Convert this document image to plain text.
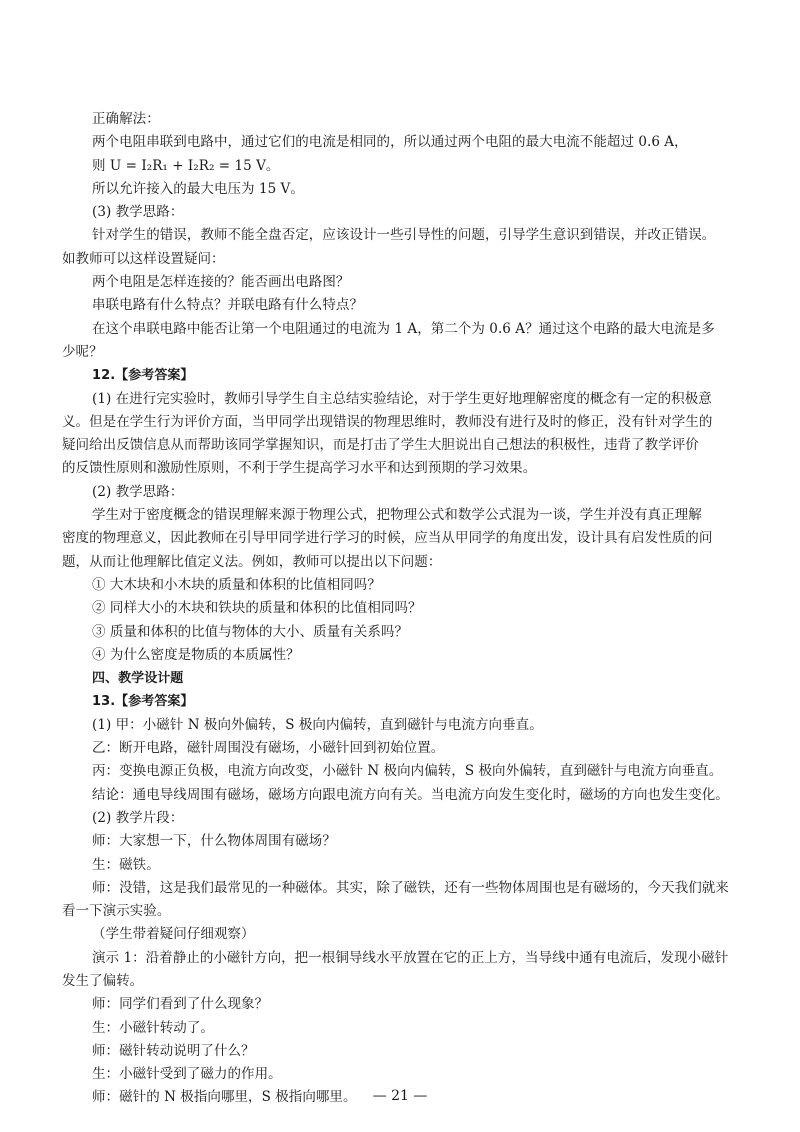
正确解法：
两个电阻串联到电路中，通过它们的电流是相同的，所以通过两个电阻的最大电流不能超过 0.6 A，
则 U = I₂R₁ + I₂R₂ = 15 V。
所以允许接入的最大电压为 15 V。
(3) 教学思路：
针对学生的错误，教师不能全盘否定，应该设计一些引导性的问题，引导学生意识到错误，并改正错误。
如教师可以这样设置疑问：
两个电阻是怎样连接的？能否画出电路图？
串联电路有什么特点？并联电路有什么特点？
在这个串联电路中能否让第一个电阻通过的电流为 1 A，第二个为 0.6 A？通过这个电路的最大电流是多
少呢？
12.【参考答案】
(1) 在进行完实验时，教师引导学生自主总结实验结论，对于学生更好地理解密度的概念有一定的积极意
义。但是在学生行为评价方面，当甲同学出现错误的物理思维时，教师没有进行及时的修正，没有针对学生的
疑问给出反馈信息从而帮助该同学掌握知识，而是打击了学生大胆说出自己想法的积极性，违背了教学评价
的反馈性原则和激励性原则，不利于学生提高学习水平和达到预期的学习效果。
(2) 教学思路：
学生对于密度概念的错误理解来源于物理公式，把物理公式和数学公式混为一谈，学生并没有真正理解
密度的物理意义，因此教师在引导甲同学进行学习的时候，应当从甲同学的角度出发，设计具有启发性质的问
题，从而让他理解比值定义法。例如，教师可以提出以下问题：
① 大木块和小木块的质量和体积的比值相同吗？
② 同样大小的木块和铁块的质量和体积的比值相同吗？
③ 质量和体积的比值与物体的大小、质量有关系吗？
④ 为什么密度是物质的本质属性？
四、教学设计题
13.【参考答案】
(1) 甲：小磁针 N 极向外偏转，S 极向内偏转，直到磁针与电流方向垂直。
乙：断开电路，磁针周围没有磁场，小磁针回到初始位置。
丙：变换电源正负极，电流方向改变，小磁针 N 极向内偏转，S 极向外偏转，直到磁针与电流方向垂直。
结论：通电导线周围有磁场，磁场方向跟电流方向有关。当电流方向发生变化时，磁场的方向也发生变化。
(2) 教学片段：
师：大家想一下，什么物体周围有磁场？
生：磁铁。
师：没错，这是我们最常见的一种磁体。其实，除了磁铁，还有一些物体周围也是有磁场的，今天我们就来
看一下演示实验。
（学生带着疑问仔细观察）
演示 1：沿着静止的小磁针方向，把一根铜导线水平放置在它的正上方，当导线中通有电流后，发现小磁针
发生了偏转。
师：同学们看到了什么现象？
生：小磁针转动了。
师：磁针转动说明了什么？
生：小磁针受到了磁力的作用。
师：磁针的 N 极指向哪里，S 极指向哪里。	— 21 —
